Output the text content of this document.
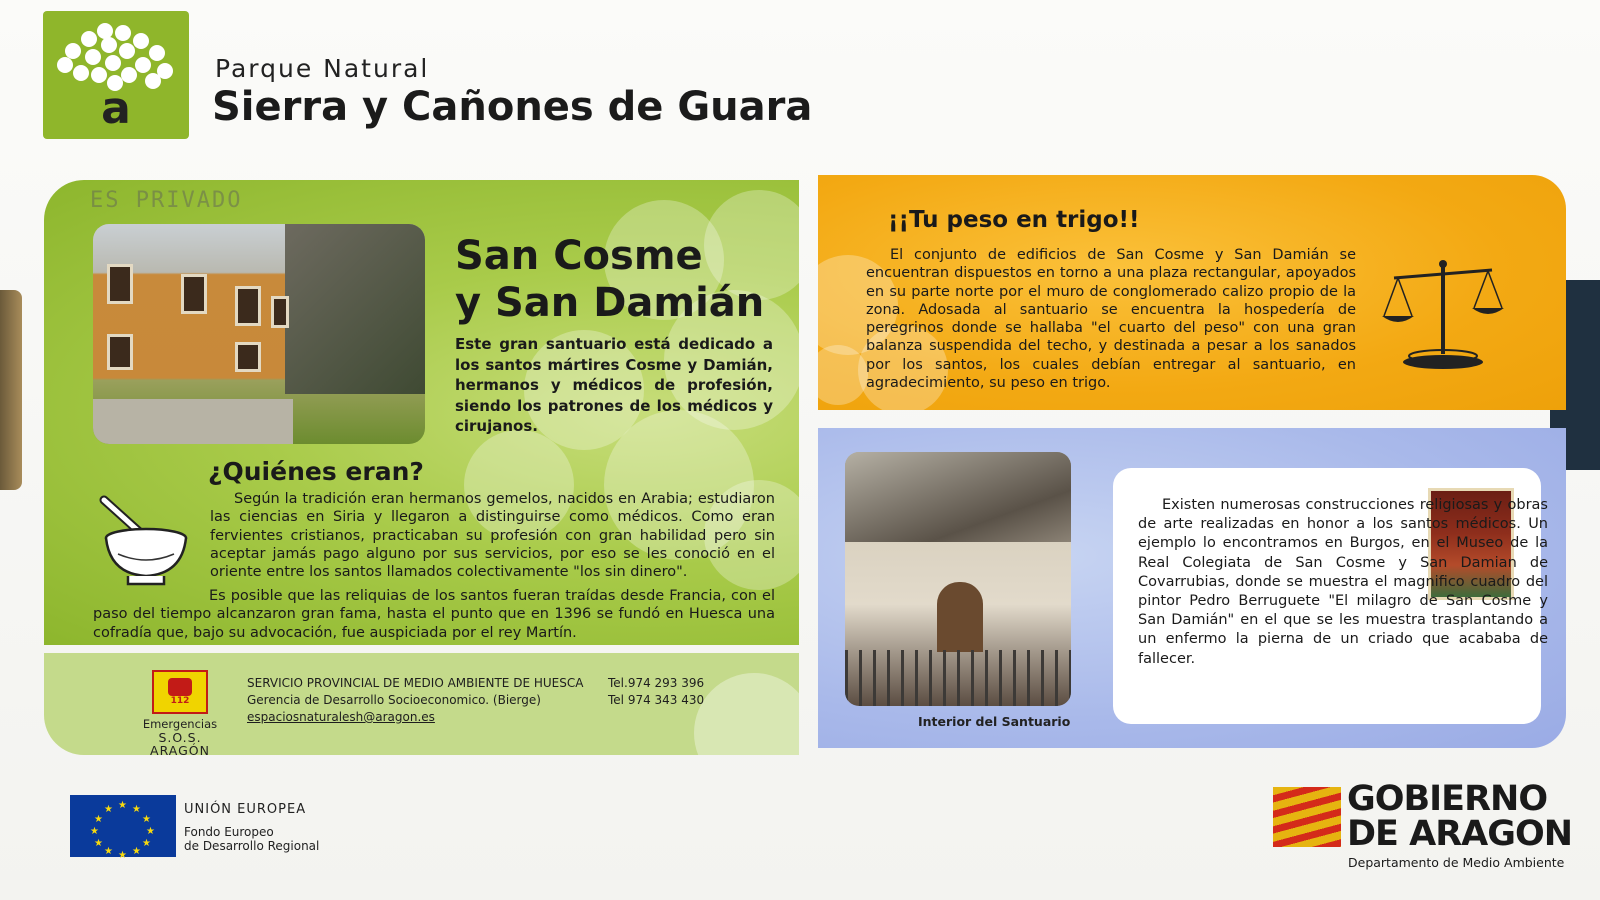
a
Parque Natural
Sierra y Cañones de Guara
ES PRIVADO
San Cosme
y San Damián
Este gran santuario está dedicado a los santos mártires Cosme y Damián, hermanos y médicos de profesión, siendo los patrones de los médicos y cirujanos.
¿Quiénes eran?
Según la tradición eran hermanos gemelos, nacidos en Arabia; estudiaron las ciencias en Siria y llegaron a distinguirse como médicos. Como eran fervientes cristianos, practicaban su profesión con gran habilidad pero sin aceptar jamás pago alguno por sus servicios, por eso se les conoció en el oriente entre los santos llamados colectivamente "los sin dinero".
Es posible que las reliquias de los santos fueran traídas desde Francia, con el paso del tiempo alcanzaron gran fama, hasta el punto que en 1396 se fundó en Huesca una cofradía que, bajo su advocación, fue auspiciada por el rey Martín.
112
Emergencias
S.O.S. ARAGÓN
SERVICIO PROVINCIAL DE MEDIO AMBIENTE DE HUESCA
Gerencia de Desarrollo Socioeconomico. (Bierge)
espaciosnaturalesh@aragon.es
Tel.974 293 396
Tel 974 343 430
¡¡Tu peso en trigo!!
El conjunto de edificios de San Cosme y San Damián se encuentran dispuestos en torno a una plaza rectangular, apoyados en su parte norte por el muro de conglomerado calizo propio de la zona. Adosada al santuario se encuentra la hospedería de peregrinos donde se hallaba "el cuarto del peso" con una gran balanza suspendida del techo, y destinada a pesar a los sanados por los santos, los cuales debían entregar al santuario, en agradecimiento, su peso en trigo.
Interior del Santuario
Existen numerosas construcciones religiosas y obras de arte realizadas en honor a los santos médicos. Un ejemplo lo encontramos en Burgos, en el Museo de la Real Colegiata de San Cosme y San Damian de Covarrubias, donde se muestra el magnifico cuadro del pintor Pedro Berruguete "El milagro de San Cosme y San Damián" en el que se les muestra trasplantando a un enfermo la pierna de un criado que acababa de fallecer.
★ ★
★
★
★
★
★
★
★
★
★
★	UNIÓN EUROPEA
Fondo Europeo
de Desarrollo Regional
GOBIERNO
DE ARAGON
Departamento de Medio Ambiente
